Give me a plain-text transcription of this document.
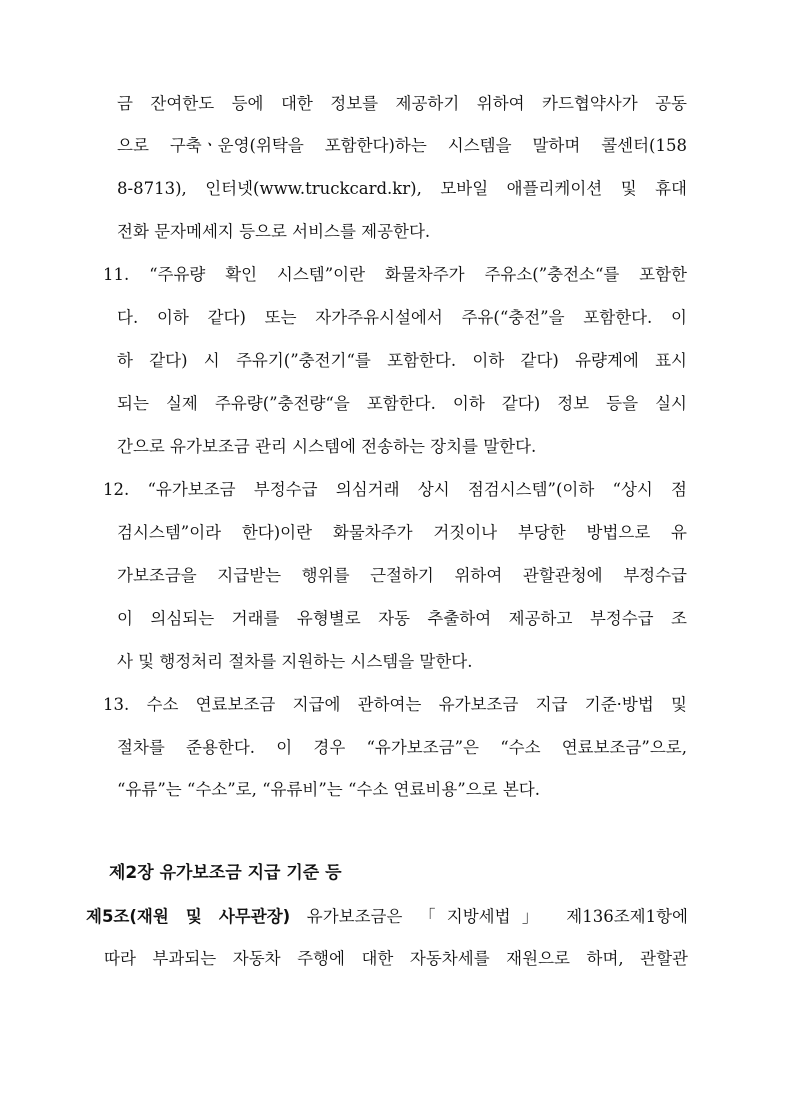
금 잔여한도 등에 대한 정보를 제공하기 위하여 카드협약사가 공동
으로 구축ㆍ운영(위탁을 포함한다)하는 시스템을 말하며 콜센터(158
8-8713), 인터넷(www.truckcard.kr), 모바일 애플리케이션 및 휴대
전화 문자메세지 등으로 서비스를 제공한다.
11. “주유량 확인 시스템”이란 화물차주가 주유소(”충전소“를 포함한
다. 이하 같다) 또는 자가주유시설에서 주유(“충전”을 포함한다. 이
하 같다) 시 주유기(”충전기“를 포함한다. 이하 같다) 유량계에 표시
되는 실제 주유량(”충전량“을 포함한다. 이하 같다) 정보 등을 실시
간으로 유가보조금 관리 시스템에 전송하는 장치를 말한다.
12. “유가보조금 부정수급 의심거래 상시 점검시스템”(이하 “상시 점
검시스템”이라 한다)이란 화물차주가 거짓이나 부당한 방법으로 유
가보조금을 지급받는 행위를 근절하기 위하여 관할관청에 부정수급
이 의심되는 거래를 유형별로 자동 추출하여 제공하고 부정수급 조
사 및 행정처리 절차를 지원하는 시스템을 말한다.
13. 수소 연료보조금 지급에 관하여는 유가보조금 지급 기준·방법 및
절차를 준용한다. 이 경우 “유가보조금”은 “수소 연료보조금”으로,
“유류”는 “수소”로, “유류비”는 “수소 연료비용”으로 본다.
제2장 유가보조금 지급 기준 등
제5조(재원 및 사무관장) 유가보조금은 「지방세법」 제136조제1항에
따라 부과되는 자동차 주행에 대한 자동차세를 재원으로 하며, 관할관
